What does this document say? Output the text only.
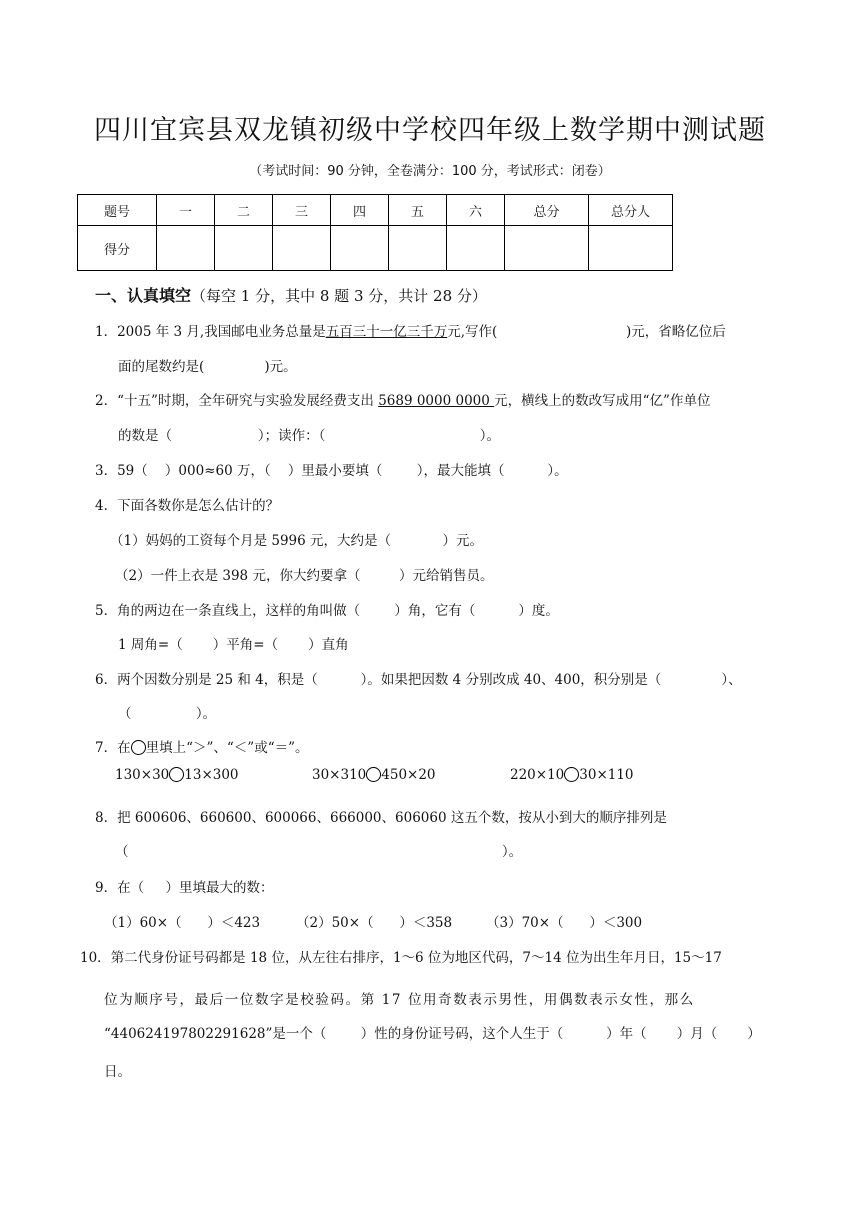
四川宜宾县双龙镇初级中学校四年级上数学期中测试题
（考试时间：90 分钟，全卷满分：100 分，考试形式：闭卷）
题号	一	二	三	四	五	六	总分	总分人
得分								
一、认真填空（每空 1 分，其中 8 题 3 分，共计 28 分）
1．2005 年 3 月,我国邮电业务总量是五百三十一亿三千万元,写作(                              )元，省略亿位后
面的尾数约是(              )元。
2．“十五”时期，全年研究与实验发展经费支出 5689 0000 0000 元，横线上的数改写成用“亿”作单位
的数是（                    ）；读作：（                                    ）。
3．59（    ）000≈60 万，（    ）里最小要填（        ），最大能填（          ）。
4．下面各数你是怎么估计的？
（1）妈妈的工资每个月是 5996 元，大约是（            ）元。
（2）一件上衣是 398 元，你大约要拿（         ）元给销售员。
5．角的两边在一条直线上，这样的角叫做（        ）角，它有（          ）度。
1 周角=（       ）平角=（       ）直角
6．两个因数分别是 25 和 4，积是（          ）。如果把因数 4 分别改成 40、400，积分别是（              ）、
（               ）。
7．在 里填上“＞”、“＜”或“＝”。
130×30 13×300	30×310 450×20	220×10 30×110
8．把 600606、660600、600066、666000、606060 这五个数，按从小到大的顺序排列是
（                                                                                       ）。
9．在（     ）里填最大的数：
（1）60×（      ）＜423	（2）50×（      ）＜358	（3）70×（      ）＜300
10．第二代身份证号码都是 18 位，从左往右排序，1～6 位为地区代码，7～14 位为出生年月日，15～17
位为顺序号，最后一位数字是校验码。第 17 位用奇数表示男性，用偶数表示女性，那么
“440624197802291628”是一个（        ）性的身份证号码，这个人生于（          ）年（       ）月（       ）
日。
